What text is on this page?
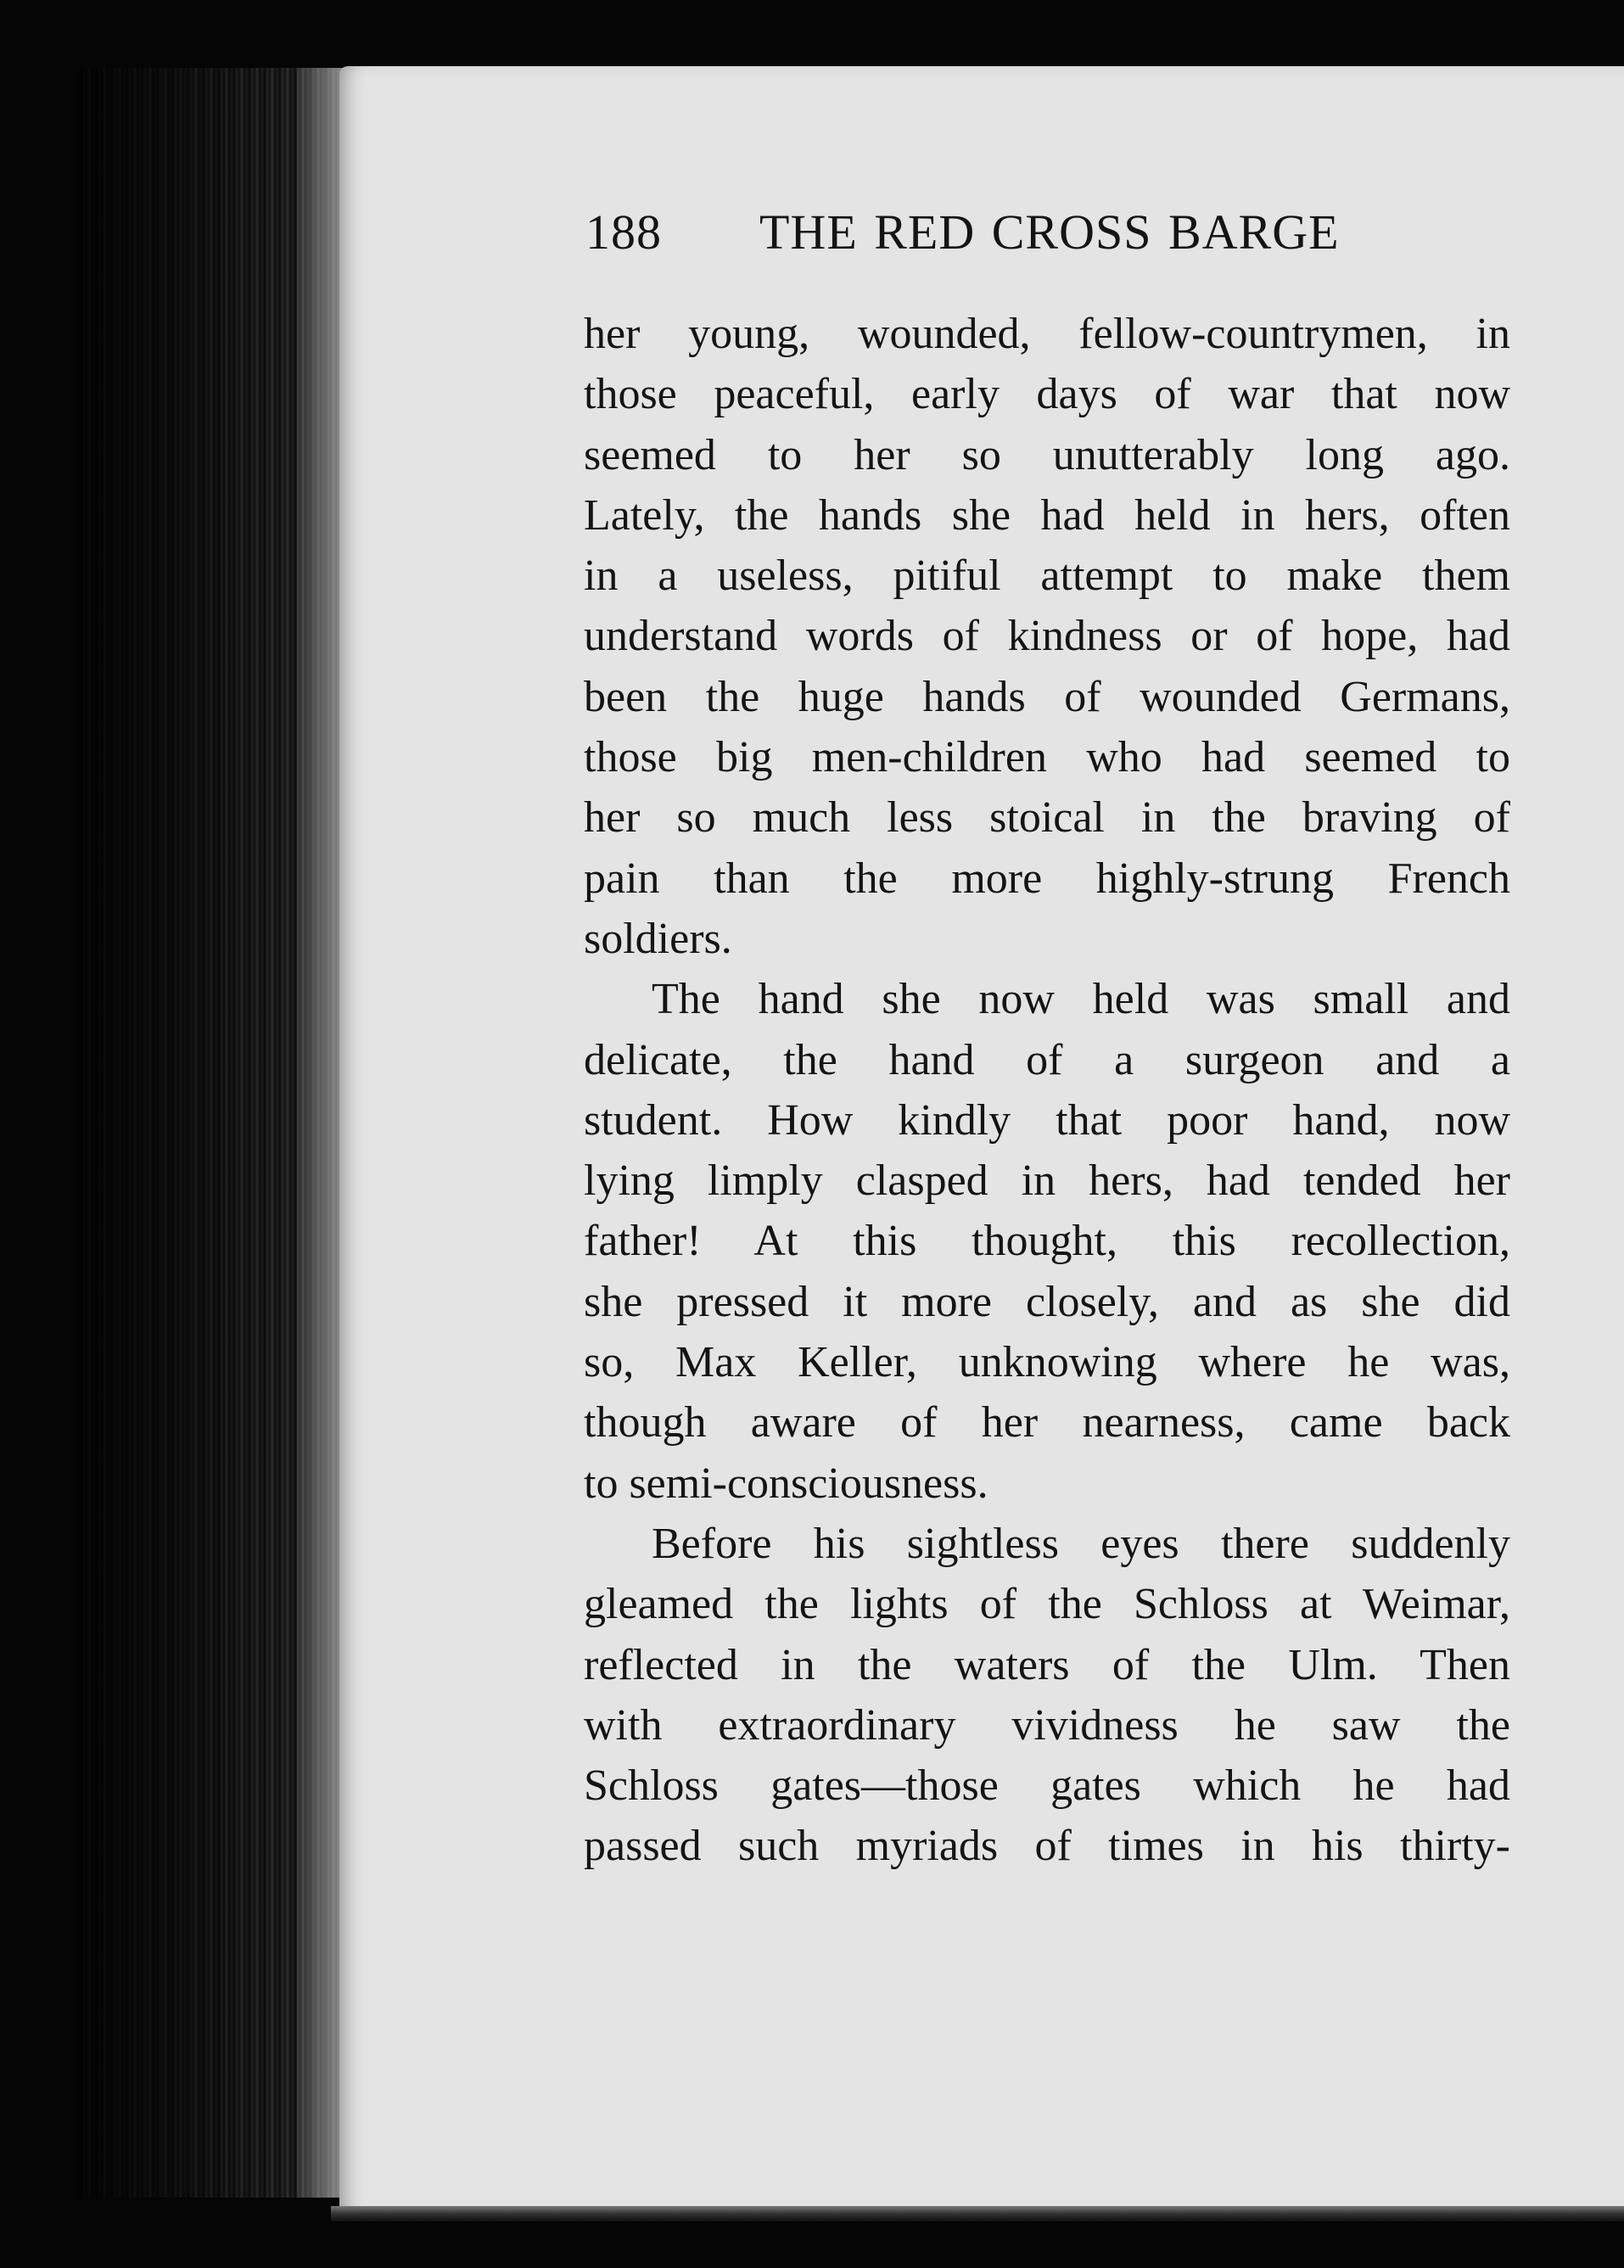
188 THE RED CROSS BARGE
her young, wounded, fellow-countrymen, in
those peaceful, early days of war that now
seemed to her so unutterably long ago.
Lately, the hands she had held in hers, often
in a useless, pitiful attempt to make them
understand words of kindness or of hope, had
been the huge hands of wounded Germans,
those big men-children who had seemed to
her so much less stoical in the braving of
pain than the more highly-strung French
soldiers.
The hand she now held was small and
delicate, the hand of a surgeon and a
student. How kindly that poor hand, now
lying limply clasped in hers, had tended her
father! At this thought, this recollection,
she pressed it more closely, and as she did
so, Max Keller, unknowing where he was,
though aware of her nearness, came back
to semi-consciousness.
Before his sightless eyes there suddenly
gleamed the lights of the Schloss at Weimar,
reflected in the waters of the Ulm. Then
with extraordinary vividness he saw the
Schloss gates—those gates which he had
passed such myriads of times in his thirty-
